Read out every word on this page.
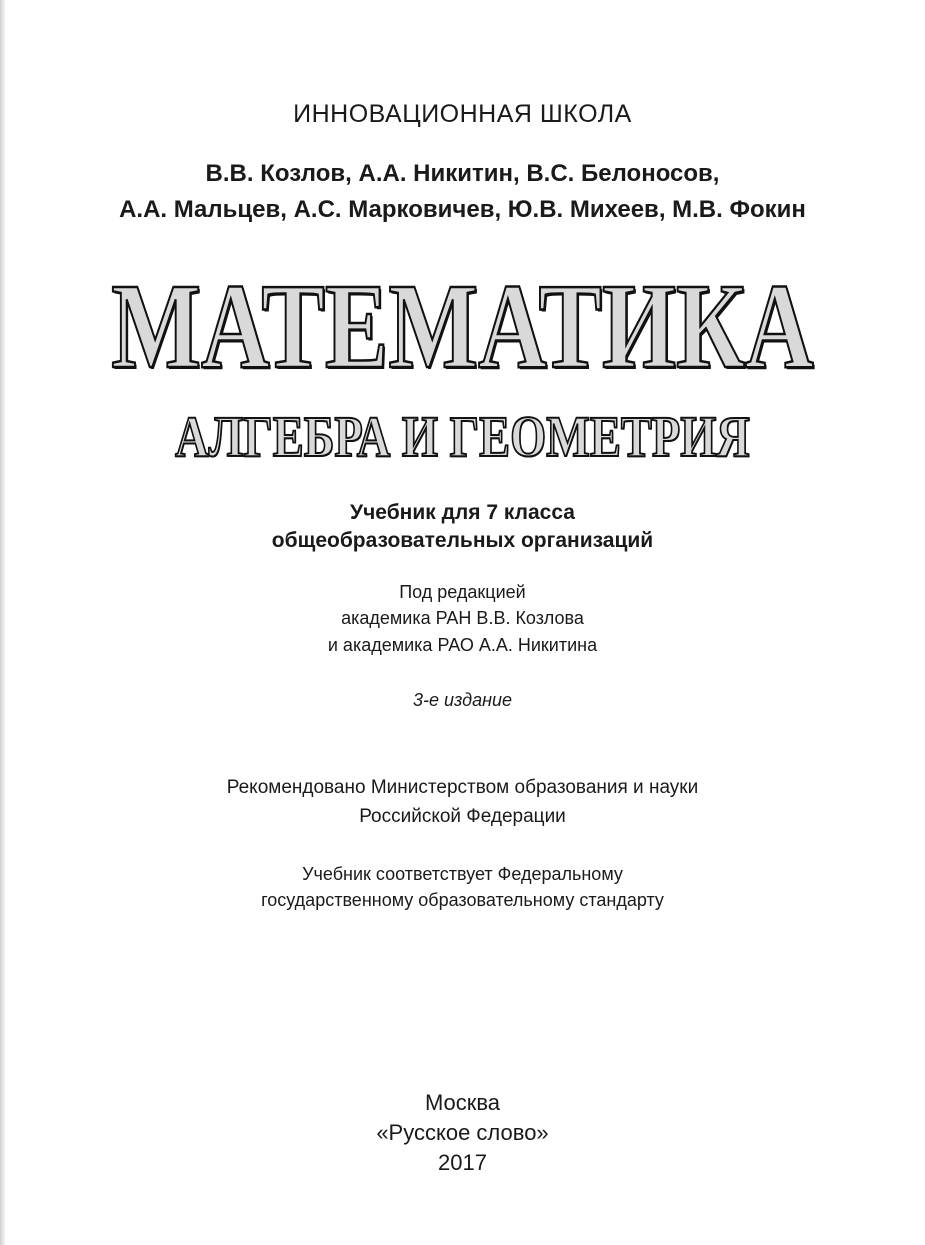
ИННОВАЦИОННАЯ ШКОЛА
В.В. Козлов, А.А. Никитин, В.С. Белоносов,
А.А. Мальцев, А.С. Марковичев, Ю.В. Михеев, М.В. Фокин
МАТЕМАТИКА
АЛГЕБРА И ГЕОМЕТРИЯ
Учебник для 7 класса
общеобразовательных организаций
Под редакцией
академика РАН В.В. Козлова
и академика РАО А.А. Никитина
3-е издание
Рекомендовано Министерством образования и науки
Российской Федерации
Учебник соответствует Федеральному
государственному образовательному стандарту
Москва
«Русское слово»
2017
